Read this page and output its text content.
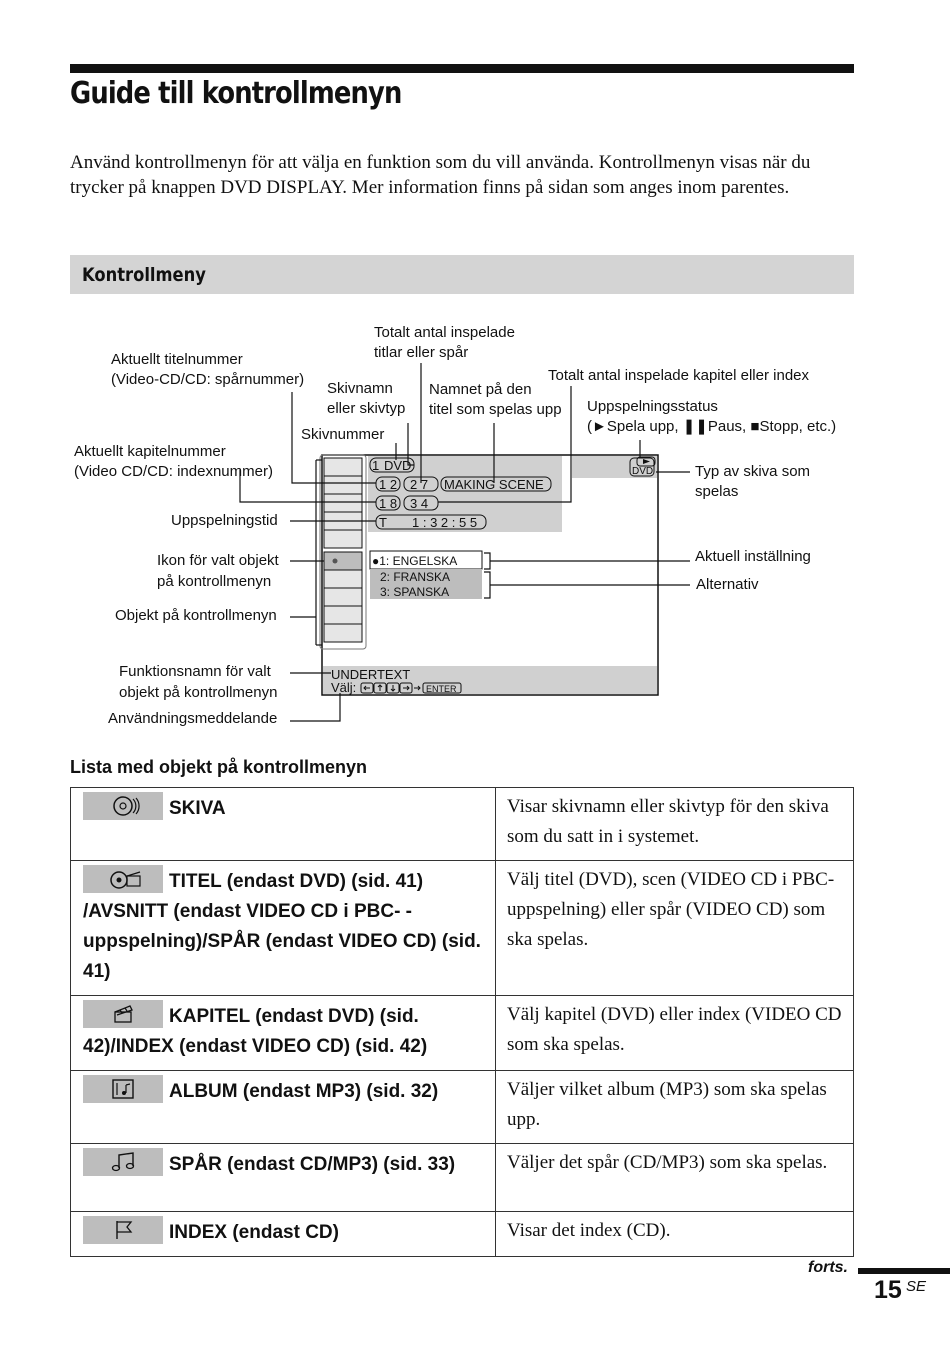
Guide till kontrollmenyn
Använd kontrollmenyn för att välja en funktion som du vill använda. Kontrollmenyn visas när du trycker på knappen DVD DISPLAY. Mer information finns på sidan som anges inom parentes.
Kontrollmeny
1 DVD
1 2 2 7 MAKING SCENE
1 8 3 4
T 1 : 3 2 : 5 5
●1: ENGELSKA
2: FRANSKA
3: SPANSKA
UNDERTEXT
Välj:
DVD
ENTER
Totalt antal inspelade
titlar eller spår
Aktuellt titelnummer
(Video-CD/CD: spårnummer)
Skivnamn
eller skivtyp
Namnet på den
titel som spelas upp
Totalt antal inspelade kapitel eller index
Uppspelningsstatus
(►Spela upp, ❚❚Paus, ■Stopp, etc.)
Skivnummer
Aktuellt kapitelnummer
(Video CD/CD: indexnummer)	Typ av skiva som
spelas
Uppspelningstid
Ikon för valt objekt
på kontrollmenyn
Aktuell inställning
Alternativ
Objekt på kontrollmenyn
Funktionsnamn för valt
objekt på kontrollmenyn
Användningsmeddelande
Lista med objekt på kontrollmenyn
SKIVA	Visar skivnamn eller skivtyp för den skiva som du satt in i systemet.

TITEL (endast DVD) (sid. 41) /AVSNITT (endast VIDEO CD i PBC- -uppspelning)/SPÅR (endast VIDEO CD) (sid. 41)	Välj titel (DVD), scen (VIDEO CD i PBC-uppspelning) eller spår (VIDEO CD) som ska spelas.

KAPITEL (endast DVD) (sid. 42)/INDEX (endast VIDEO CD) (sid. 42)	Välj kapitel (DVD) eller index (VIDEO CD som ska spelas.

ALBUM (endast MP3) (sid. 32)	Väljer vilket album (MP3) som ska spelas upp.

SPÅR (endast CD/MP3) (sid. 33)	Väljer det spår (CD/MP3) som ska spelas.

INDEX (endast CD)	Visar det index (CD).
forts.
15 SE
